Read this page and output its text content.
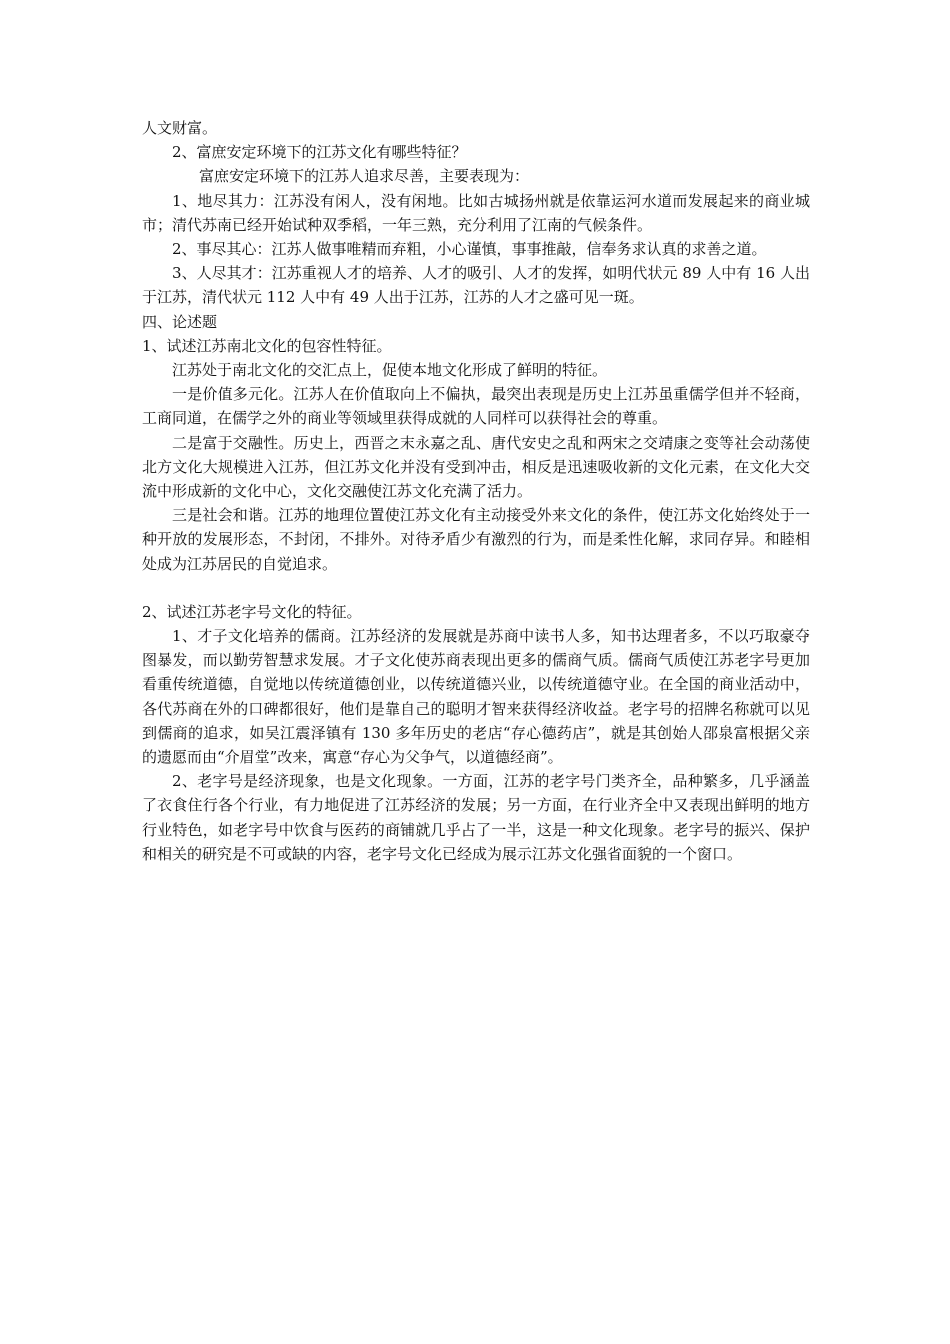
人文财富。

2、富庶安定环境下的江苏文化有哪些特征？

富庶安定环境下的江苏人追求尽善，主要表现为：

1、地尽其力：江苏没有闲人，没有闲地。比如古城扬州就是依靠运河水道而发展起来的商业城市；清代苏南已经开始试种双季稻，一年三熟，充分利用了江南的气候条件。

2、事尽其心：江苏人做事唯精而弃粗，小心谨慎，事事推敲，信奉务求认真的求善之道。

3、人尽其才：江苏重视人才的培养、人才的吸引、人才的发挥，如明代状元 89 人中有 16 人出于江苏，清代状元 112 人中有 49 人出于江苏，江苏的人才之盛可见一斑。

四、论述题

1、试述江苏南北文化的包容性特征。

江苏处于南北文化的交汇点上，促使本地文化形成了鲜明的特征。

一是价值多元化。江苏人在价值取向上不偏执，最突出表现是历史上江苏虽重儒学但并不轻商，工商同道，在儒学之外的商业等领域里获得成就的人同样可以获得社会的尊重。

二是富于交融性。历史上，西晋之末永嘉之乱、唐代安史之乱和两宋之交靖康之变等社会动荡使北方文化大规模进入江苏，但江苏文化并没有受到冲击，相反是迅速吸收新的文化元素，在文化大交流中形成新的文化中心，文化交融使江苏文化充满了活力。

三是社会和谐。江苏的地理位置使江苏文化有主动接受外来文化的条件，使江苏文化始终处于一种开放的发展形态，不封闭，不排外。对待矛盾少有激烈的行为，而是柔性化解，求同存异。和睦相处成为江苏居民的自觉追求。

2、试述江苏老字号文化的特征。

1、才子文化培养的儒商。江苏经济的发展就是苏商中读书人多，知书达理者多，不以巧取豪夺图暴发，而以勤劳智慧求发展。才子文化使苏商表现出更多的儒商气质。儒商气质使江苏老字号更加看重传统道德，自觉地以传统道德创业，以传统道德兴业，以传统道德守业。在全国的商业活动中，各代苏商在外的口碑都很好，他们是靠自己的聪明才智来获得经济收益。老字号的招牌名称就可以见到儒商的追求，如吴江震泽镇有 130 多年历史的老店“存心德药店”，就是其创始人邵泉富根据父亲的遗愿而由“介眉堂”改来，寓意“存心为父争气，以道德经商”。

2、老字号是经济现象，也是文化现象。一方面，江苏的老字号门类齐全，品种繁多，几乎涵盖了衣食住行各个行业，有力地促进了江苏经济的发展；另一方面，在行业齐全中又表现出鲜明的地方行业特色，如老字号中饮食与医药的商铺就几乎占了一半，这是一种文化现象。老字号的振兴、保护和相关的研究是不可或缺的内容，老字号文化已经成为展示江苏文化强省面貌的一个窗口。
